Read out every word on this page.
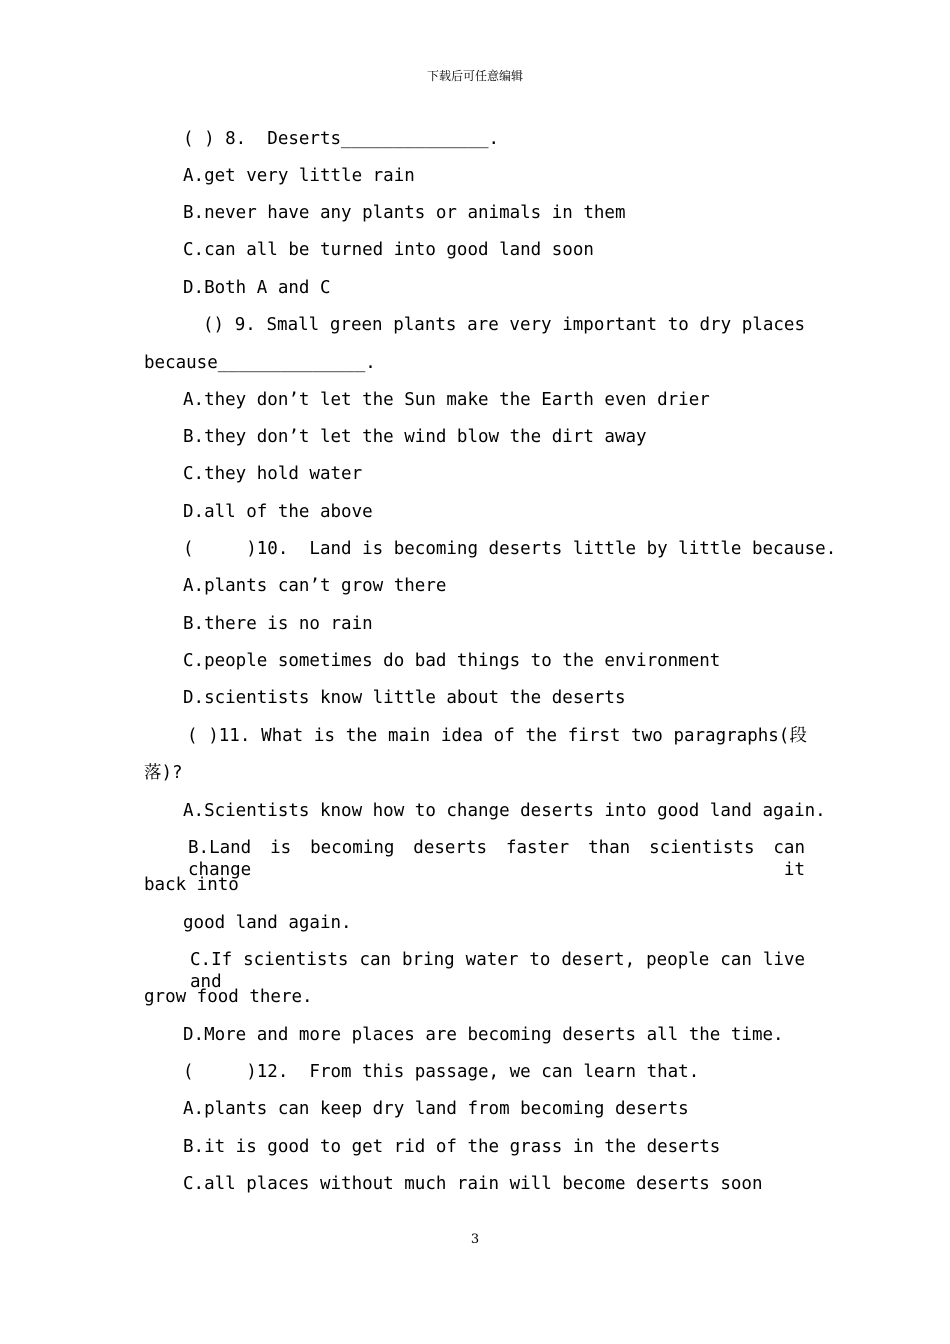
下载后可任意编辑
( ) 8.  Deserts______________.
A.get very little rain
B.never have any plants or animals in them
C.can all be turned into good land soon
D.Both A and C
() 9. Small green plants are very important to dry places
because______________.
A.they don’t let the Sun make the Earth even drier
B.they don’t let the wind blow the dirt away
C.they hold water
D.all of the above
(     )10.  Land is becoming deserts little by little because.
A.plants can’t grow there
B.there is no rain
C.people sometimes do bad things to the environment
D.scientists know little about the deserts
( )11. What is the main idea of the first two paragraphs(段
落)?
A.Scientists know how to change deserts into good land again.
B.Land is becoming deserts faster than scientists can change it
back into
good land again.
C.If scientists can bring water to desert, people can live and
grow food there.
D.More and more places are becoming deserts all the time.
(     )12.  From this passage, we can learn that.
A.plants can keep dry land from becoming deserts
B.it is good to get rid of the grass in the deserts
C.all places without much rain will become deserts soon
3
